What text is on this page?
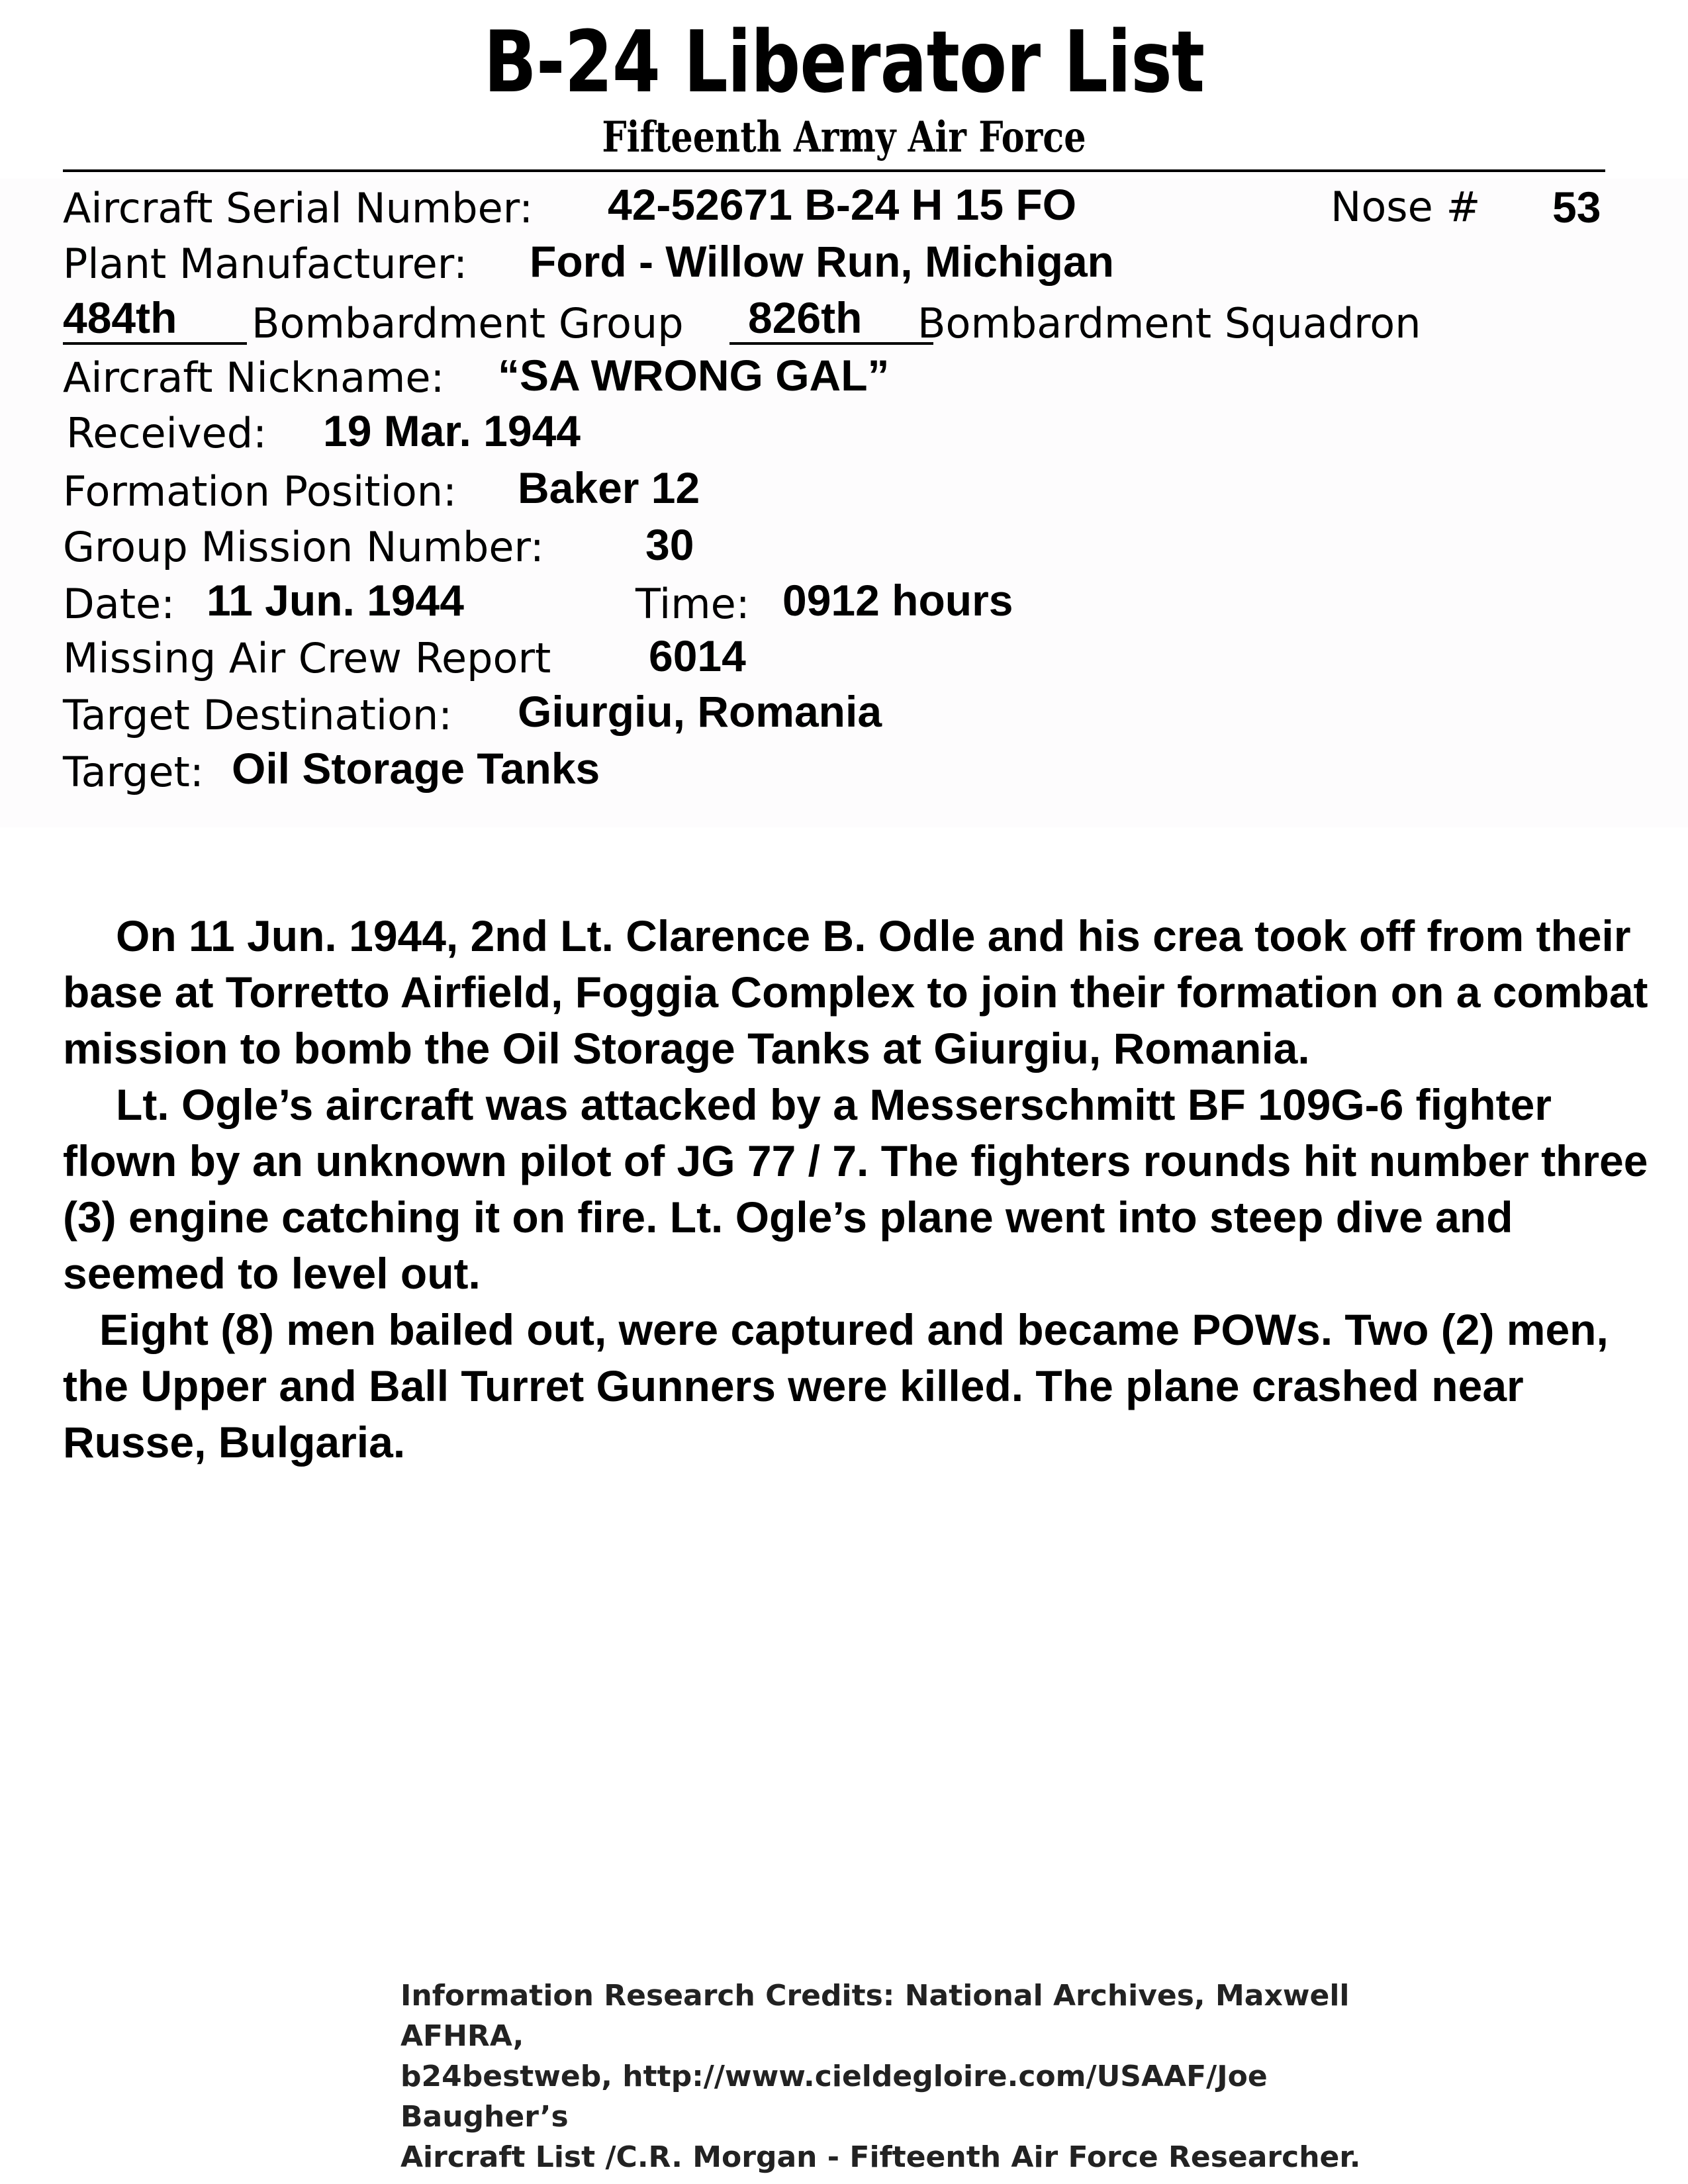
B-24 Liberator List
Fifteenth Army Air Force
Aircraft Serial Number: 42-52671 B-24 H 15 FO	Nose # 53
Plant Manufacturer: Ford - Willow Run, Michigan
484th	Bombardment Group	826th	Bombardment Squadron
Aircraft Nickname: “SA WRONG GAL”
Received: 19 Mar. 1944
Formation Position: Baker 12
Group Mission Number: 30
Date: 11 Jun. 1944	Time: 0912 hours
Missing Air Crew Report 6014
Target Destination: Giurgiu, Romania
Target: Oil Storage Tanks

On 11 Jun. 1944, 2nd Lt. Clarence B. Odle and his crea took off from their base at Torretto Airfield, Foggia Complex to join their formation on a combat mission to bomb the Oil Storage Tanks at Giurgiu, Romania.

Lt. Ogle’s aircraft was attacked by a Messerschmitt BF 109G-6 fighter flown by an unknown pilot of JG 77 / 7. The fighters rounds hit number three (3) engine catching it on fire. Lt. Ogle’s plane went into steep dive and seemed to level out.

Eight (8) men bailed out, were captured and became POWs. Two (2) men, the Upper and Ball Turret Gunners were killed. The plane crashed near Russe, Bulgaria.

Information Research Credits: National Archives, Maxwell AFHRA,
b24bestweb, http://www.cieldegloire.com/USAAF/Joe Baugher’s
Aircraft List /C.R. Morgan - Fifteenth Air Force Researcher.
